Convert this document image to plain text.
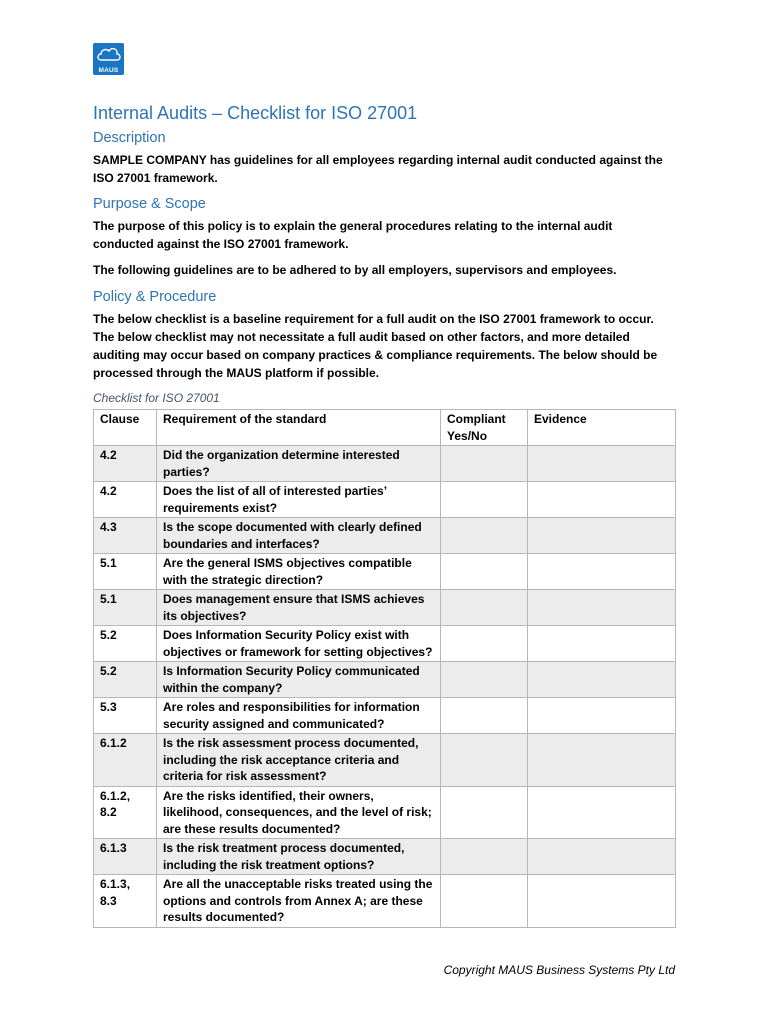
MAUS
Internal Audits – Checklist for ISO 27001
Description
SAMPLE COMPANY has guidelines for all employees regarding internal audit conducted against the ISO 27001 framework.
Purpose & Scope
The purpose of this policy is to explain the general procedures relating to the internal audit conducted against the ISO 27001 framework.
The following guidelines are to be adhered to by all employers, supervisors and employees.
Policy & Procedure
The below checklist is a baseline requirement for a full audit on the ISO 27001 framework to occur. The below checklist may not necessitate a full audit based on other factors, and more detailed auditing may occur based on company practices & compliance requirements. The below should be processed through the MAUS platform if possible.
Checklist for ISO 27001
Clause	Requirement of the standard	Compliant Yes/No	Evidence
4.2	Did the organization determine interested parties?		
4.2	Does the list of all of interested parties’ requirements exist?		
4.3	Is the scope documented with clearly defined boundaries and interfaces?		
5.1	Are the general ISMS objectives compatible with the strategic direction?		
5.1	Does management ensure that ISMS achieves its objectives?		
5.2	Does Information Security Policy exist with objectives or framework for setting objectives?		
5.2	Is Information Security Policy communicated within the company?		
5.3	Are roles and responsibilities for information security assigned and communicated?		
6.1.2	Is the risk assessment process documented, including the risk acceptance criteria and criteria for risk assessment?		
6.1.2, 8.2	Are the risks identified, their owners, likelihood, consequences, and the level of risk; are these results documented?		
6.1.3	Is the risk treatment process documented, including the risk treatment options?		
6.1.3, 8.3	Are all the unacceptable risks treated using the options and controls from Annex A; are these results documented?		
Copyright MAUS Business Systems Pty Ltd
